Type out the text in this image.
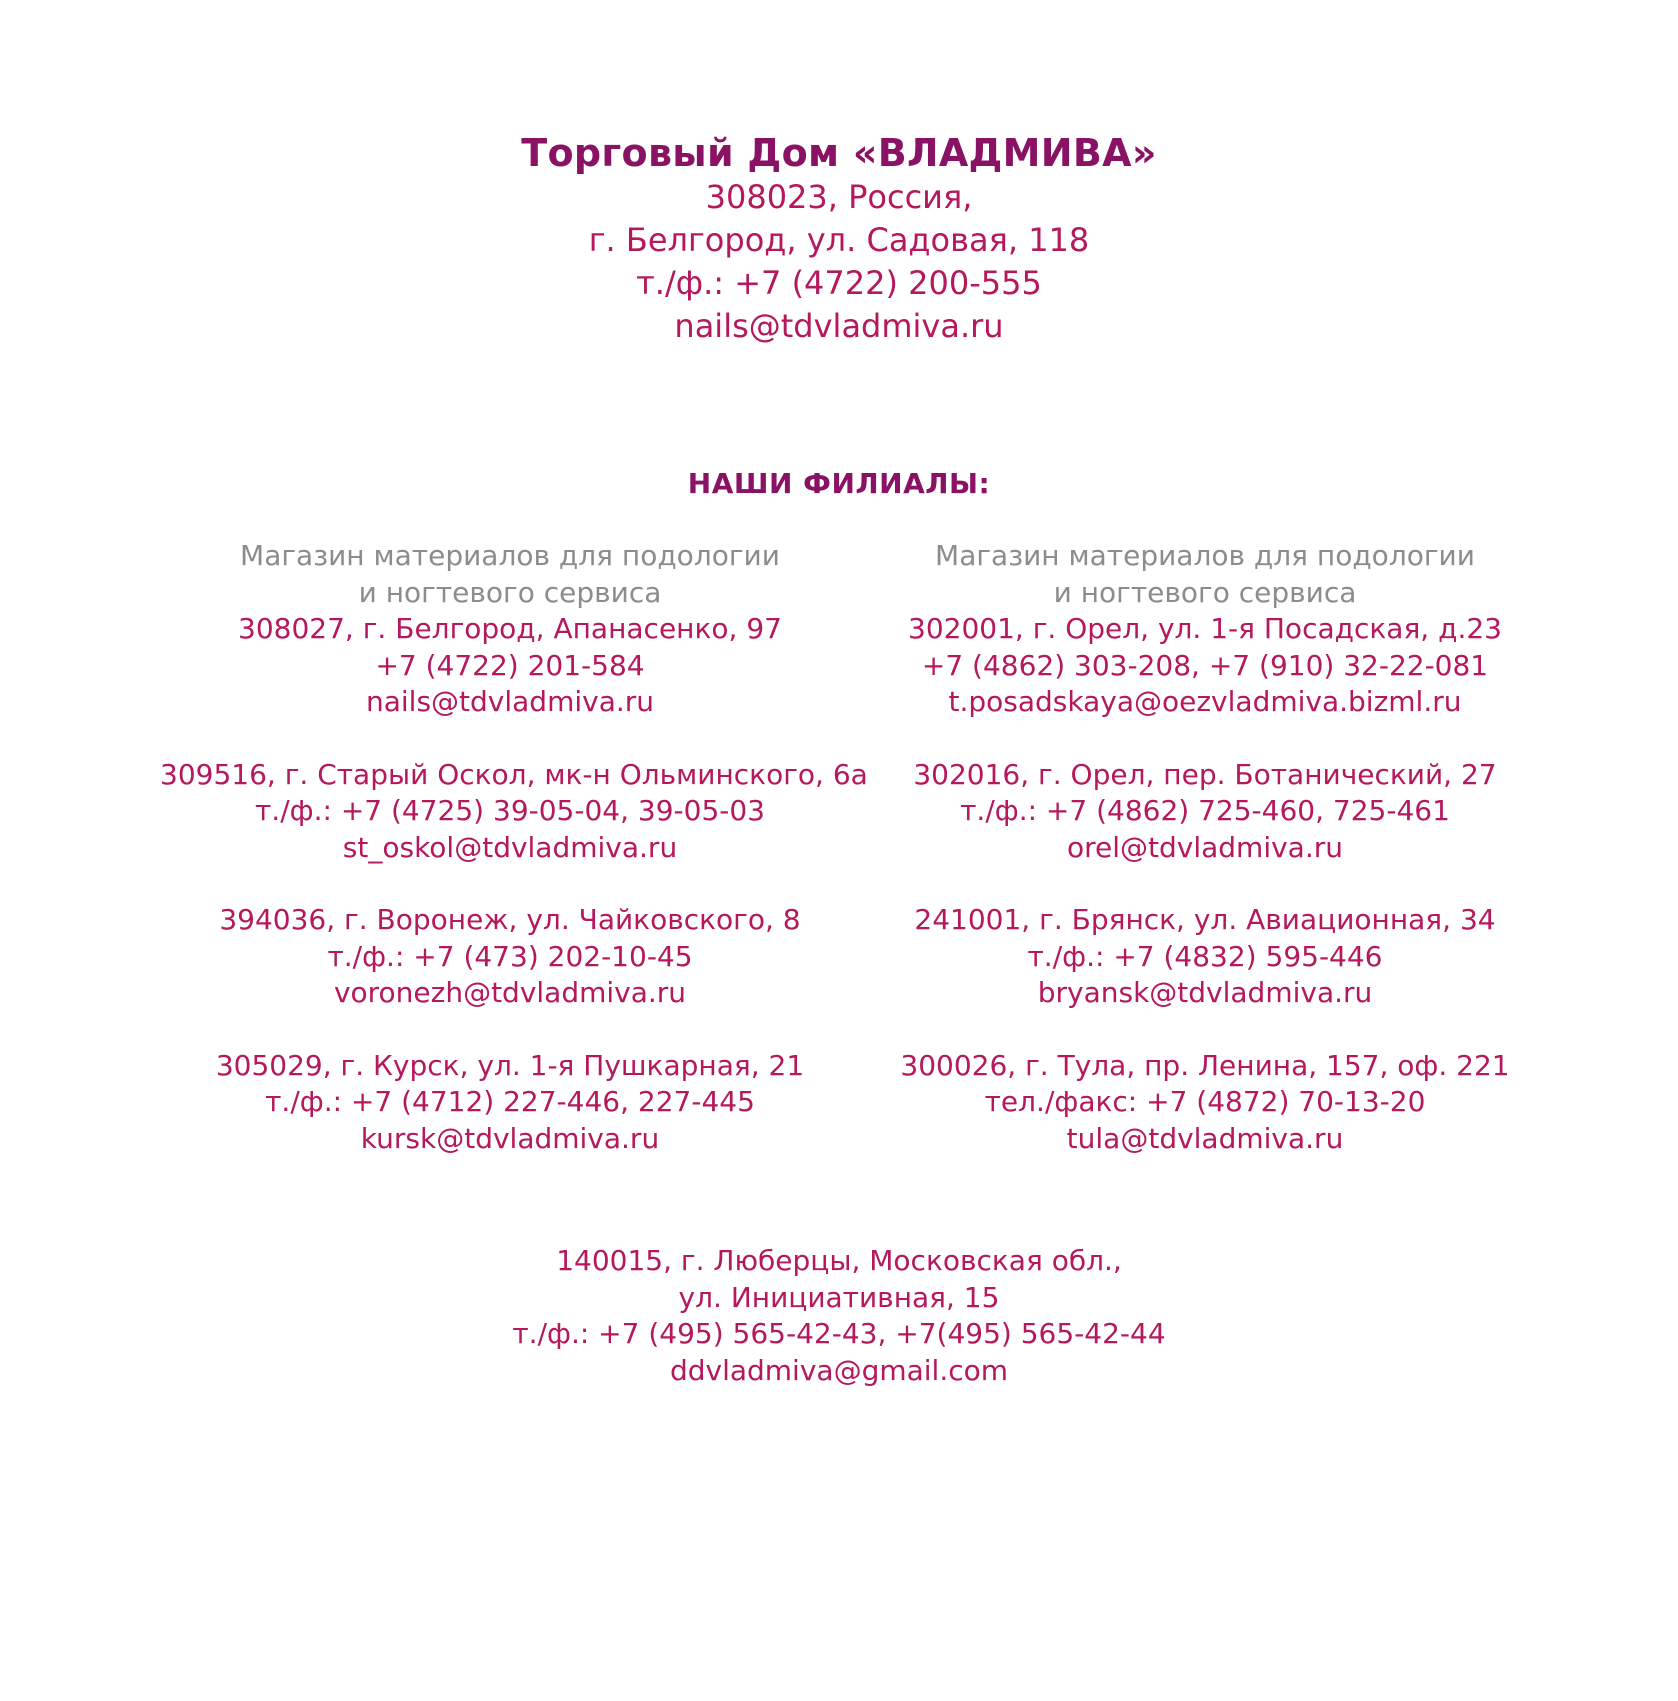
Торговый Дом «ВЛАДМИВА»
308023, Россия,
г. Белгород, ул. Садовая, 118
т./ф.: +7 (4722) 200-555
nails@tdvladmiva.ru
НАШИ ФИЛИАЛЫ:
Магазин материалов для подологии
и ногтевого сервиса
308027, г. Белгород, Апанасенко, 97
+7 (4722) 201-584
nails@tdvladmiva.ru
309516, г. Старый Оскол, мк-н Ольминского, 6а
т./ф.: +7 (4725) 39-05-04, 39-05-03
st_oskol@tdvladmiva.ru
394036, г. Воронеж, ул. Чайковского, 8
т./ф.: +7 (473) 202-10-45
voronezh@tdvladmiva.ru
305029, г. Курск, ул. 1-я Пушкарная, 21
т./ф.: +7 (4712) 227-446, 227-445
kursk@tdvladmiva.ru
Магазин материалов для подологии
и ногтевого сервиса
302001, г. Орел, ул. 1-я Посадская, д.23
+7 (4862) 303-208, +7 (910) 32-22-081
t.posadskaya@oezvladmiva.bizml.ru
302016, г. Орел, пер. Ботанический, 27
т./ф.: +7 (4862) 725-460, 725-461
orel@tdvladmiva.ru
241001, г. Брянск, ул. Авиационная, 34
т./ф.: +7 (4832) 595-446
bryansk@tdvladmiva.ru
300026, г. Тула, пр. Ленина, 157, оф. 221
тел./факс: +7 (4872) 70-13-20
tula@tdvladmiva.ru
140015, г. Люберцы, Московская обл.,
ул. Инициативная, 15
т./ф.: +7 (495) 565-42-43, +7(495) 565-42-44
ddvladmiva@gmail.com
